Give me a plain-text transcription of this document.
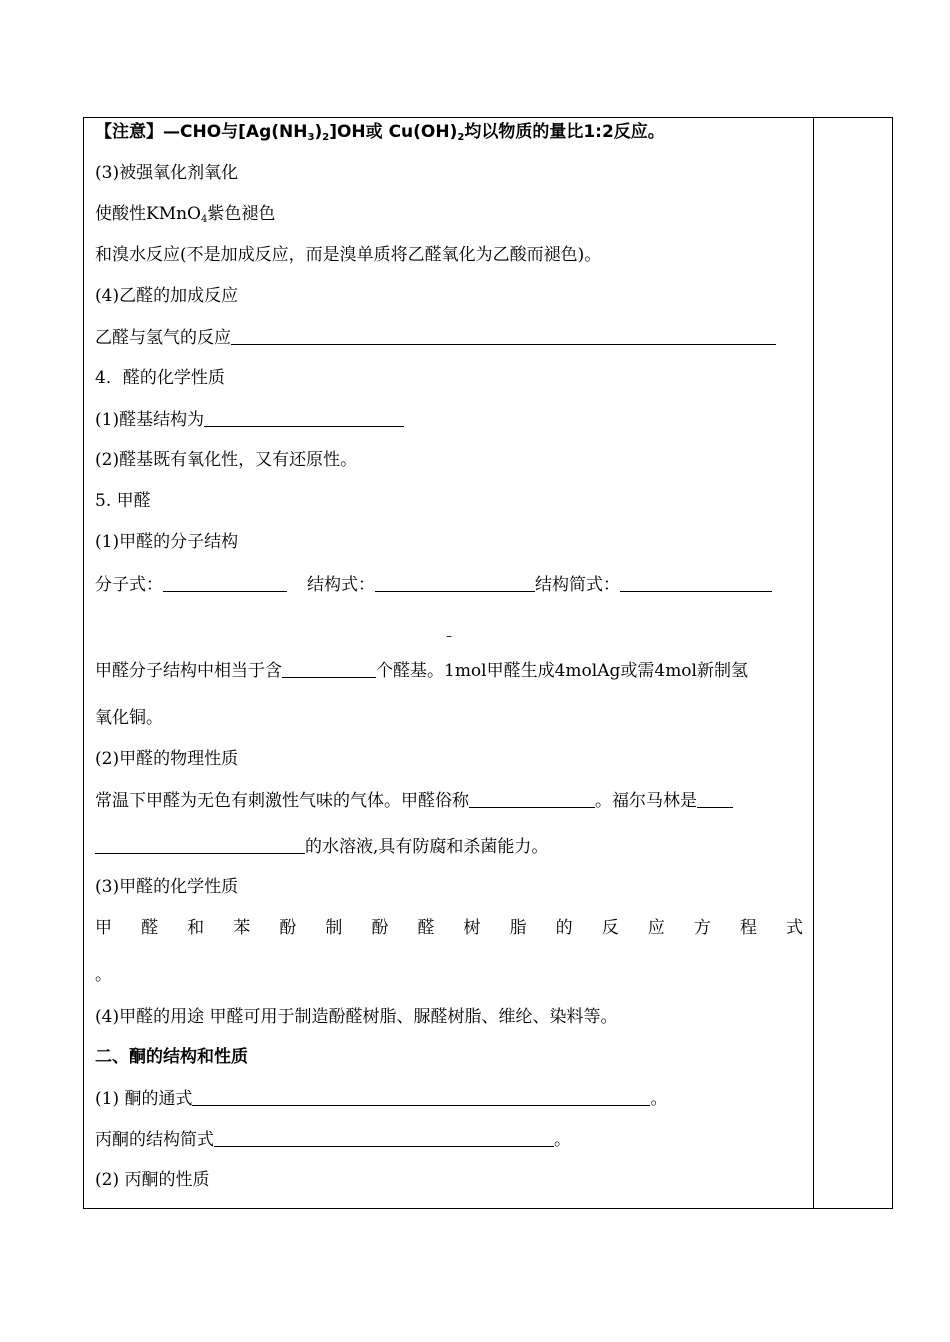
【注意】—CHO与$[Ag(NH_3)_2]OH$或 $Cu(OH)_2$均以物质的量比1:2反应。
(3)被强氧化剂氧化
使酸性KMnO$_4$紫色褪色
和溴水反应(不是加成反应，而是溴单质将乙醛氧化为乙酸而褪色)。
(4)乙醛的加成反应
乙醛与氢气的反应
4．醛的化学性质
(1)醛基结构为
(2)醛基既有氧化性，又有还原性。
5. 甲醛
(1)甲醛的分子结构
分子式：	结构式：	结构简式：
–
甲醛分子结构中相当于含	个醛基。1mol甲醛生成4molAg或需4mol新制氢
氧化铜。
(2)甲醛的物理性质
常温下甲醛为无色有刺激性气味的气体。甲醛俗称	。福尔马林是
的水溶液,具有防腐和杀菌能力。
(3)甲醛的化学性质
甲 醛 和 苯 酚 制 酚 醛 树 脂 的 反 应 方 程 式
。
(4)甲醛的用途 甲醛可用于制造酚醛树脂、脲醛树脂、维纶、染料等。
二、酮的结构和性质
(1) 酮的通式	。
丙酮的结构简式	。
(2) 丙酮的性质
